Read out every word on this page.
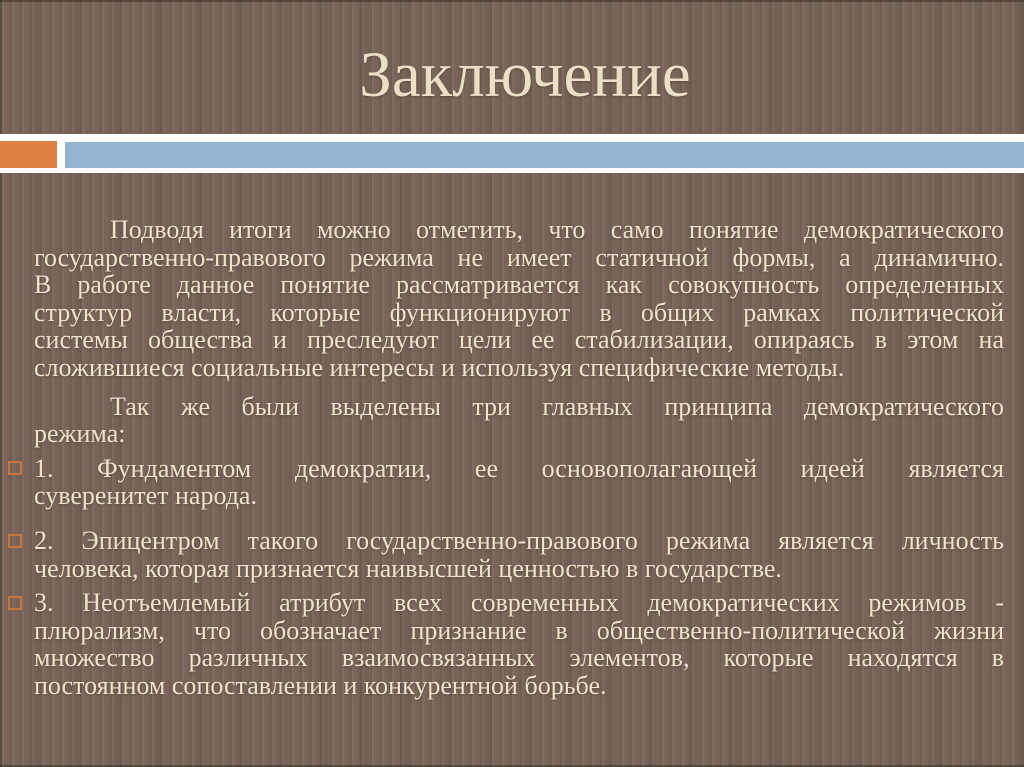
Заключение
Подводя итоги можно отметить, что само понятие демократического
государственно-правового режима не имеет статичной формы, а динамично.
В работе данное понятие рассматривается как совокупность определенных
структур власти, которые функционируют в общих рамках политической
системы общества и преследуют цели ее стабилизации, опираясь в этом на
сложившиеся социальные интересы и используя специфические методы.
Так же были выделены три главных принципа демократического
режима:
1. Фундаментом демократии, ее основополагающей идеей является
суверенитет народа.
2. Эпицентром такого государственно-правового режима является личность
человека, которая признается наивысшей ценностью в государстве.
3. Неотъемлемый атрибут всех современных демократических режимов -
плюрализм, что обозначает признание в общественно-политической жизни
множество различных взаимосвязанных элементов, которые находятся в
постоянном сопоставлении и конкурентной борьбе.
